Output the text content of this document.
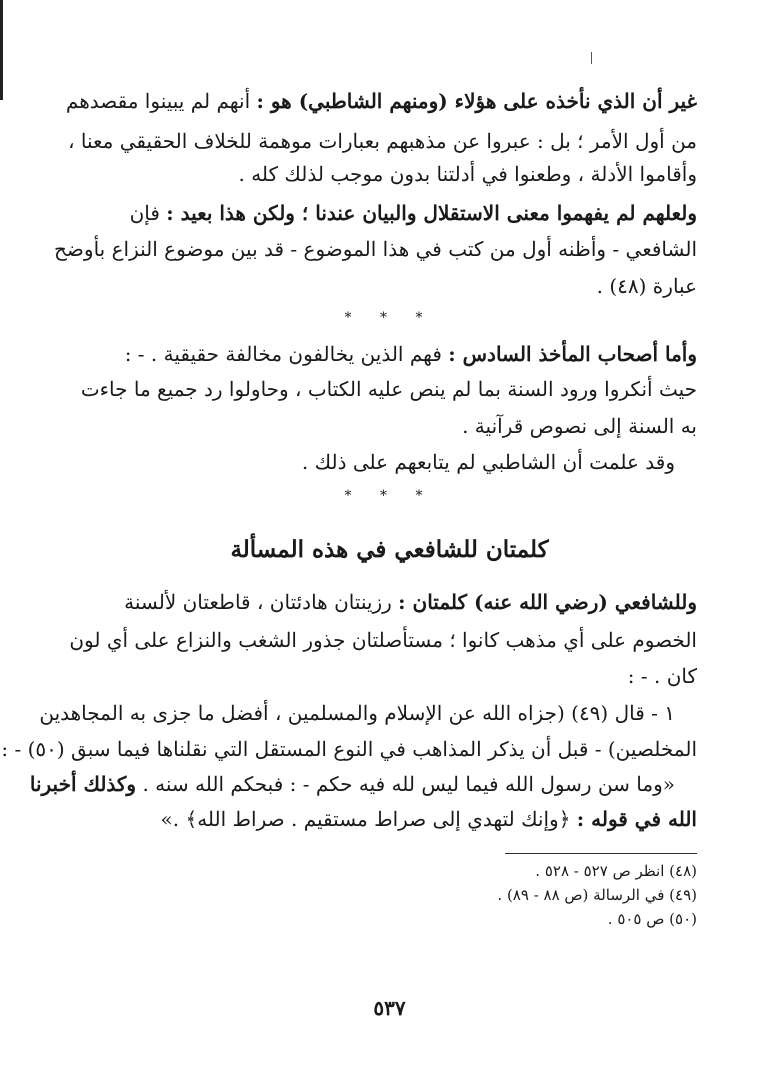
غير أن الذي نأخذه على هؤلاء (ومنهم الشاطبي) هو : أنهم لم يبينوا مقصدهم
من أول الأمر ؛ بل : عبروا عن مذهبهم بعبارات موهمة للخلاف الحقيقي معنا ،
وأقاموا الأدلة ، وطعنوا في أدلتنا بدون موجب لذلك كله .
ولعلهم لم يفهموا معنى الاستقلال والبيان عندنا ؛ ولكن هذا بعيد : فإن
الشافعي - وأظنه أول من كتب في هذا الموضوع - قد بين موضوع النزاع بأوضح
عبارة (٤٨) .
* * *
وأما أصحاب المأخذ السادس : فهم الذين يخالفون مخالفة حقيقية . - :
حيث أنكروا ورود السنة بما لم ينص عليه الكتاب ، وحاولوا رد جميع ما جاءت
به السنة إلى نصوص قرآنية .
وقد علمت أن الشاطبي لم يتابعهم على ذلك .
* * *
كلمتان للشافعي في هذه المسألة
وللشافعي (رضي الله عنه) كلمتان : رزينتان هادئتان ، قاطعتان لألسنة
الخصوم على أي مذهب كانوا ؛ مستأصلتان جذور الشغب والنزاع على أي لون
كان . - :
١ - قال (٤٩) (جزاه الله عن الإسلام والمسلمين ، أفضل ما جزى به المجاهدين
المخلصين) - قبل أن يذكر المذاهب في النوع المستقل التي نقلناها فيما سبق (٥٠) - :
«وما سن رسول الله فيما ليس لله فيه حكم - : فبحكم الله سنه . وكذلك أخبرنا
الله في قوله : ﴿وإنك لتهدي إلى صراط مستقيم . صراط الله﴾ .»
(٤٨) انظر ص ٥٢٧ - ٥٢٨ .
(٤٩) في الرسالة (ص ٨٨ - ٨٩) .
(٥٠) ص ٥٠٥ .
٥٣٧
